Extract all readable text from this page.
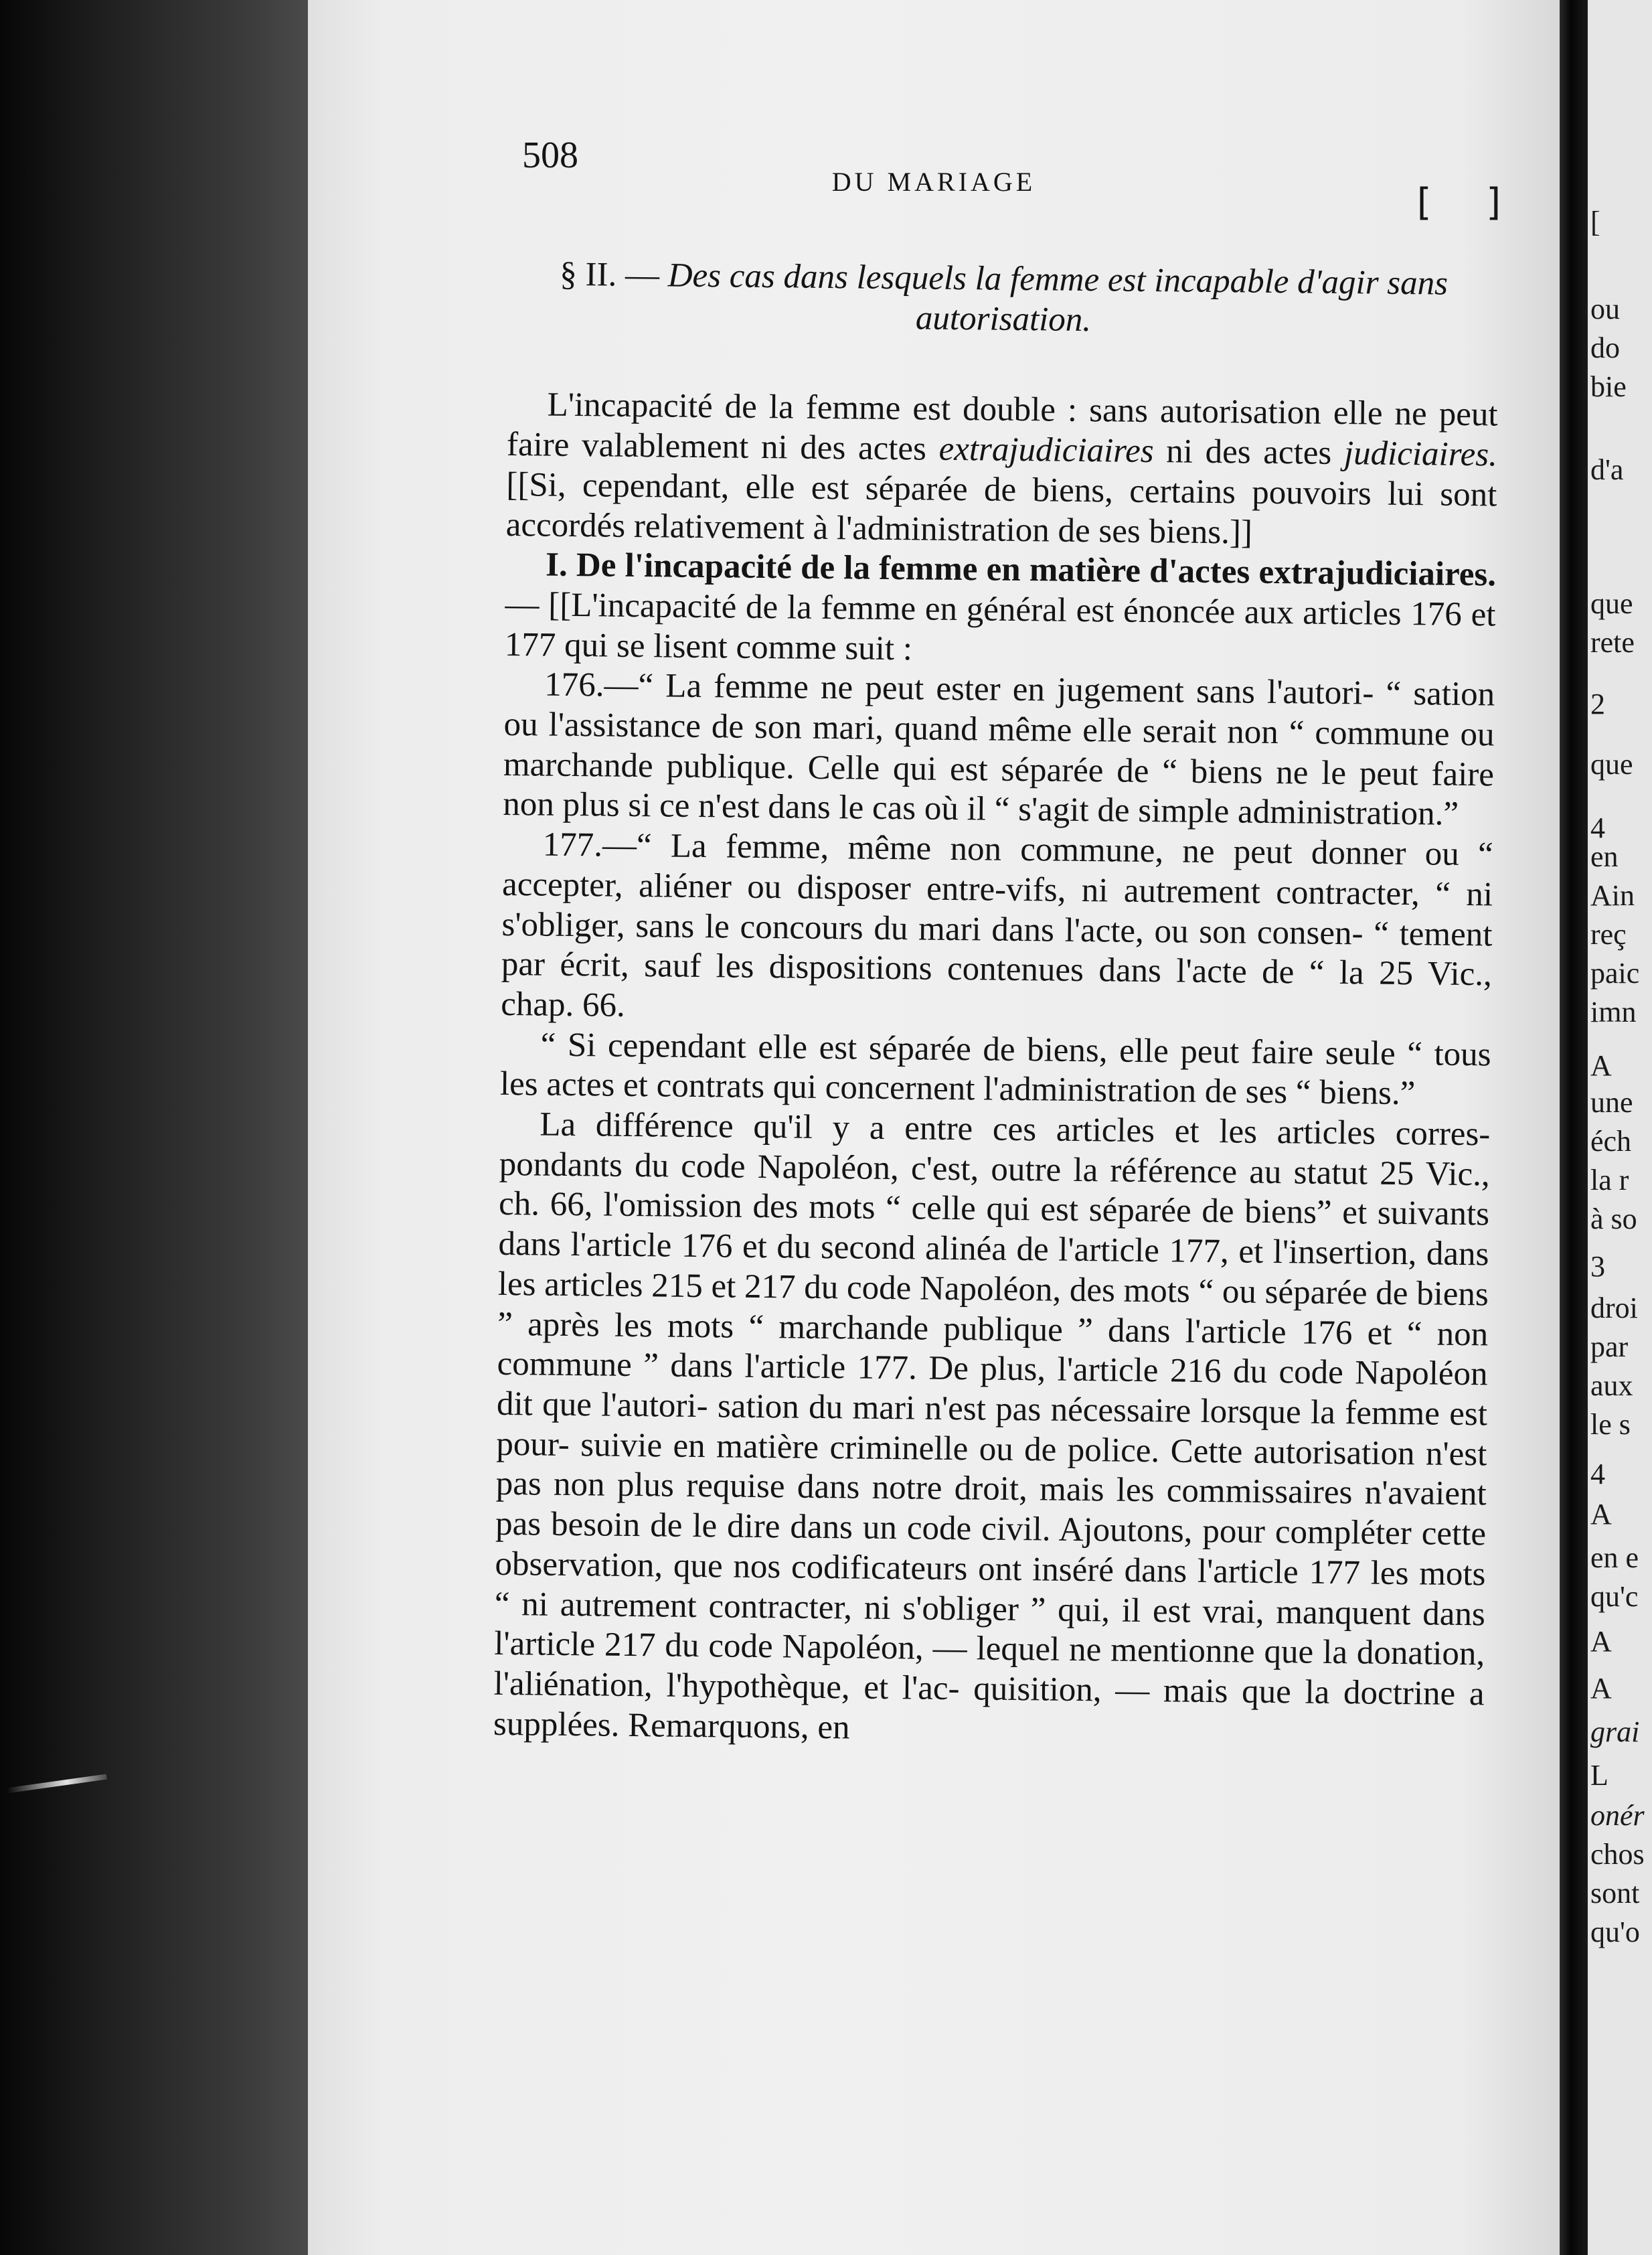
508
DU MARIAGE	[ ]

§ II. — Des cas dans lesquels la femme est incapable d'agir sans autorisation.

L'incapacité de la femme est double : sans autorisation elle ne peut faire valablement ni des actes extrajudiciaires ni des actes judiciaires. [[Si, cependant, elle est séparée de biens, certains pouvoirs lui sont accordés relativement à l'administration de ses biens.]]

I. De l'incapacité de la femme en matière d'actes extrajudiciaires. — [[L'incapacité de la femme en général est énoncée aux articles 176 et 177 qui se lisent comme suit :

176.—“ La femme ne peut ester en jugement sans l'autori- “ sation ou l'assistance de son mari, quand même elle serait non “ commune ou marchande publique. Celle qui est séparée de “ biens ne le peut faire non plus si ce n'est dans le cas où il “ s'agit de simple administration.”

177.—“ La femme, même non commune, ne peut donner ou “ accepter, aliéner ou disposer entre-vifs, ni autrement contracter, “ ni s'obliger, sans le concours du mari dans l'acte, ou son consen- “ tement par écrit, sauf les dispositions contenues dans l'acte de “ la 25 Vic., chap. 66.

“ Si cependant elle est séparée de biens, elle peut faire seule “ tous les actes et contrats qui concernent l'administration de ses “ biens.”

La différence qu'il y a entre ces articles et les articles corres- pondants du code Napoléon, c'est, outre la référence au statut 25 Vic., ch. 66, l'omission des mots “ celle qui est séparée de biens” et suivants dans l'article 176 et du second alinéa de l'article 177, et l'insertion, dans les articles 215 et 217 du code Napoléon, des mots “ ou séparée de biens ” après les mots “ marchande publique ” dans l'article 176 et “ non commune ” dans l'article 177. De plus, l'article 216 du code Napoléon dit que l'autori- sation du mari n'est pas nécessaire lorsque la femme est pour- suivie en matière criminelle ou de police. Cette autorisation n'est pas non plus requise dans notre droit, mais les commissaires n'avaient pas besoin de le dire dans un code civil. Ajoutons, pour compléter cette observation, que nos codificateurs ont inséré dans l'article 177 les mots “ ni autrement contracter, ni s'obliger ” qui, il est vrai, manquent dans l'article 217 du code Napoléon, — lequel ne mentionne que la donation, l'aliénation, l'hypothèque, et l'ac- quisition, — mais que la doctrine a supplées. Remarquons, en

[
ou
do
bie
d'a
que
rete
2
que
4
en
Ain
reç
paic
imn
A
une
éch
la r
à so
3
droi
par
aux
le s
4
A
en e
qu'c
A
A
grai
L
onér
chos
sont
qu'o
